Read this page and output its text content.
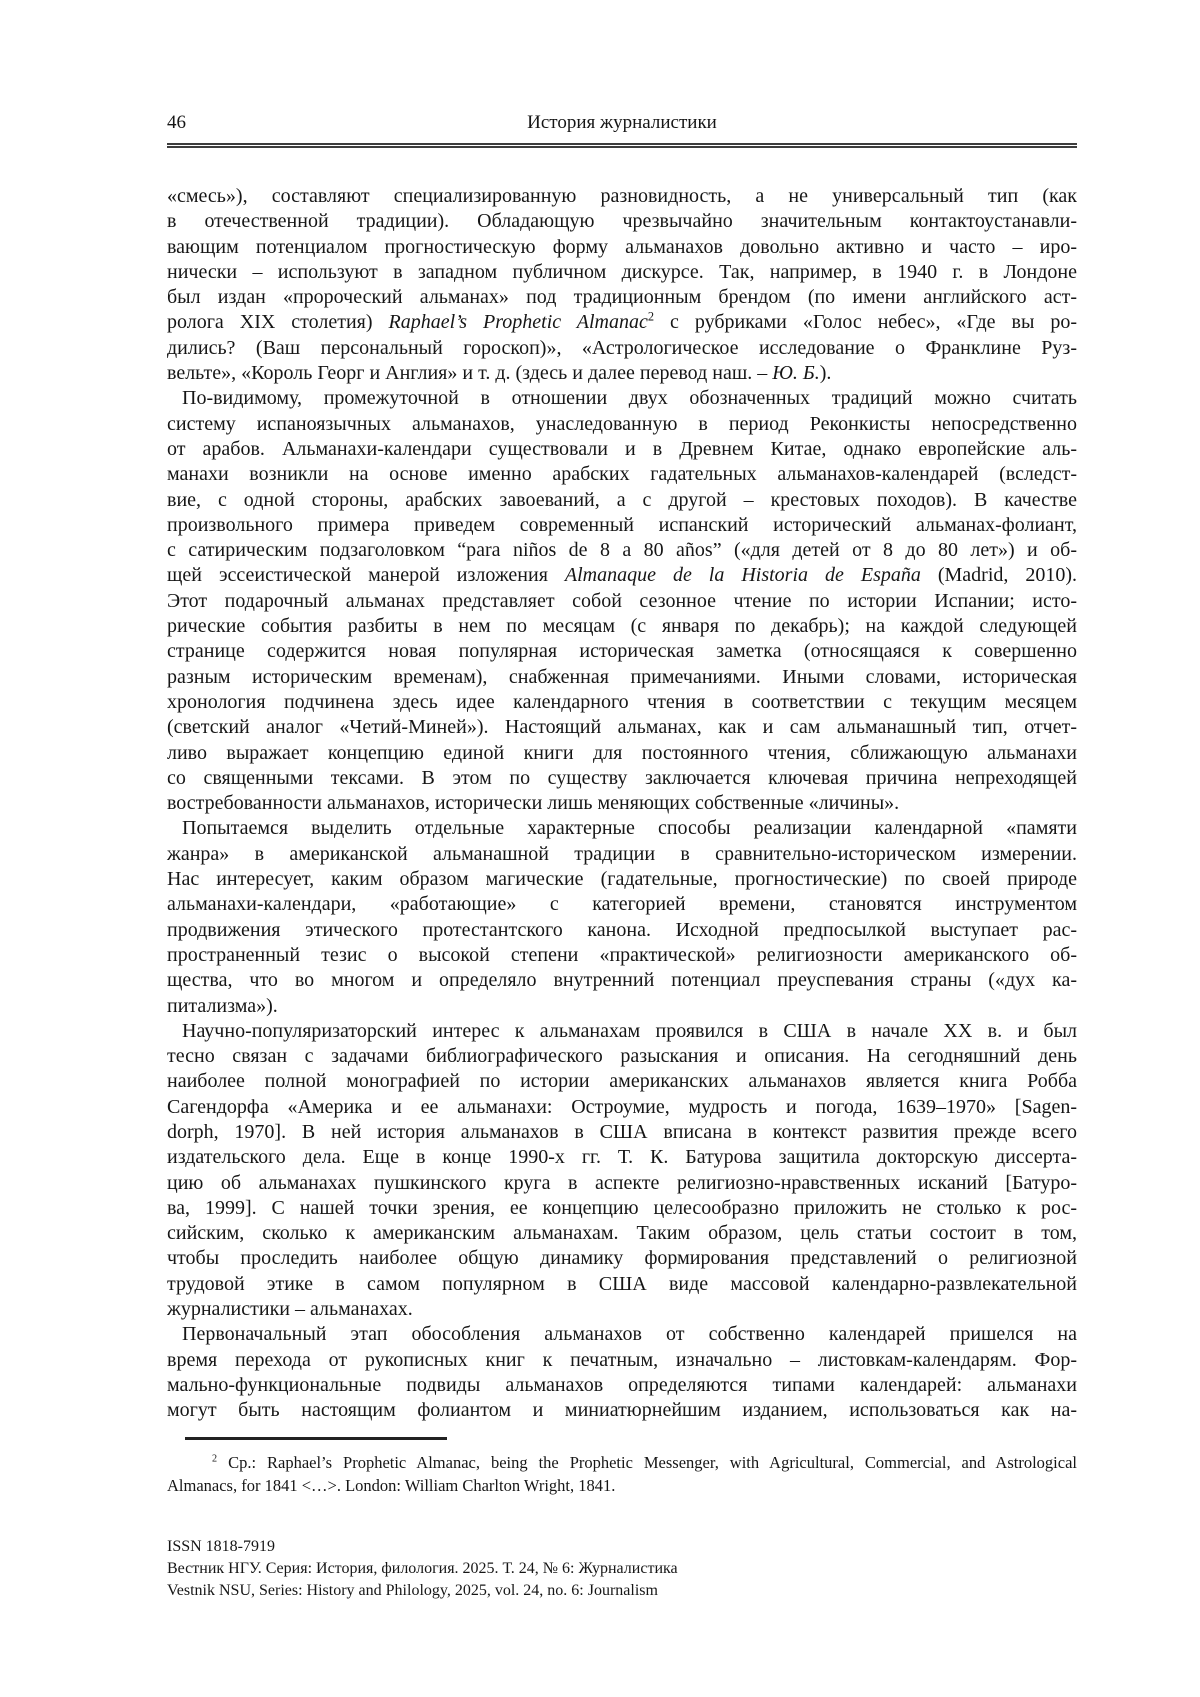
46	История журналистики
«смесь»), составляют специализированную разновидность, а не универсальный тип (как
в отечественной традиции). Обладающую чрезвычайно значительным контактоустанавли-
вающим потенциалом прогностическую форму альманахов довольно активно и часто – иро-
нически – используют в западном публичном дискурсе. Так, например, в 1940 г. в Лондоне
был издан «пророческий альманах» под традиционным брендом (по имени английского аст-
ролога XIX столетия) Raphael’s Prophetic Almanac$^2$ с рубриками «Голос небес», «Где вы ро-
дились? (Ваш персональный гороскоп)», «Астрологическое исследование о Франклине Руз-
вельте», «Король Георг и Англия» и т. д. (здесь и далее перевод наш. – Ю. Б.).
По-видимому, промежуточной в отношении двух обозначенных традиций можно считать
систему испаноязычных альманахов, унаследованную в период Реконкисты непосредственно
от арабов. Альманахи-календари существовали и в Древнем Китае, однако европейские аль-
манахи возникли на основе именно арабских гадательных альманахов-календарей (вследст-
вие, с одной стороны, арабских завоеваний, а с другой – крестовых походов). В качестве
произвольного примера приведем современный испанский исторический альманах-фолиант,
с сатирическим подзаголовком “para niños de 8 a 80 años” («для детей от 8 до 80 лет») и об-
щей эссеистической манерой изложения Almanaque de la Historia de España (Madrid, 2010).
Этот подарочный альманах представляет собой сезонное чтение по истории Испании; исто-
рические события разбиты в нем по месяцам (с января по декабрь); на каждой следующей
странице содержится новая популярная историческая заметка (относящаяся к совершенно
разным историческим временам), снабженная примечаниями. Иными словами, историческая
хронология подчинена здесь идее календарного чтения в соответствии с текущим месяцем
(светский аналог «Четий-Миней»). Настоящий альманах, как и сам альманашный тип, отчет-
ливо выражает концепцию единой книги для постоянного чтения, сближающую альманахи
со священными тексами. В этом по существу заключается ключевая причина непреходящей
востребованности альманахов, исторически лишь меняющих собственные «личины».
Попытаемся выделить отдельные характерные способы реализации календарной «памяти
жанра» в американской альманашной традиции в сравнительно-историческом измерении.
Нас интересует, каким образом магические (гадательные, прогностические) по своей природе
альманахи-календари, «работающие» с категорией времени, становятся инструментом
продвижения этического протестантского канона. Исходной предпосылкой выступает рас-
пространенный тезис о высокой степени «практической» религиозности американского об-
щества, что во многом и определяло внутренний потенциал преуспевания страны («дух ка-
питализма»).
Научно-популяризаторский интерес к альманахам проявился в США в начале XX в. и был
тесно связан с задачами библиографического разыскания и описания. На сегодняшний день
наиболее полной монографией по истории американских альманахов является книга Робба
Сагендорфа «Америка и ее альманахи: Остроумие, мудрость и погода, 1639–1970» [Sagen-
dorph, 1970]. В ней история альманахов в США вписана в контекст развития прежде всего
издательского дела. Еще в конце 1990-х гг. Т. К. Батурова защитила докторскую диссерта-
цию об альманахах пушкинского круга в аспекте религиозно-нравственных исканий [Батуро-
ва, 1999]. С нашей точки зрения, ее концепцию целесообразно приложить не столько к рос-
сийским, сколько к американским альманахам. Таким образом, цель статьи состоит в том,
чтобы проследить наиболее общую динамику формирования представлений о религиозной
трудовой этике в самом популярном в США виде массовой календарно-развлекательной
журналистики – альманахах.
Первоначальный этап обособления альманахов от собственно календарей пришелся на
время перехода от рукописных книг к печатным, изначально – листовкам-календарям. Фор-
мально-функциональные подвиды альманахов определяются типами календарей: альманахи
могут быть настоящим фолиантом и миниатюрнейшим изданием, использоваться как на-
$^2$ Ср.: Raphael’s Prophetic Almanac, being the Prophetic Messenger, with Agricultural, Commercial, and Astrological
Almanacs, for 1841 <…>. London: William Charlton Wright, 1841.
ISSN 1818-7919
Вестник НГУ. Серия: История, филология. 2025. Т. 24, № 6: Журналистика
Vestnik NSU, Series: History and Philology, 2025, vol. 24, no. 6: Journalism
